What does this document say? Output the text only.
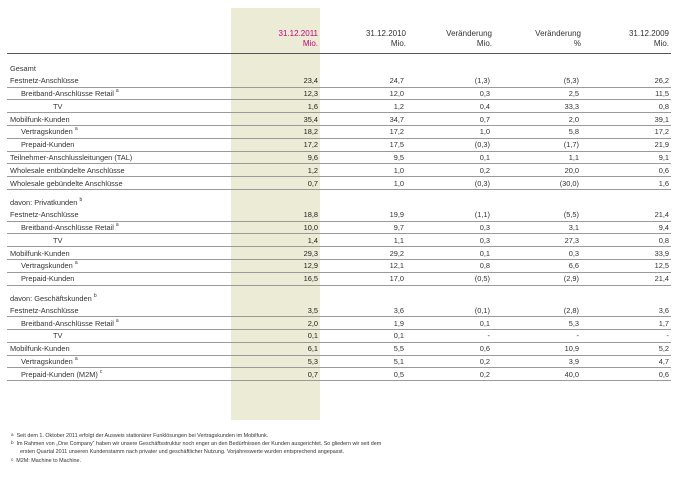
31.12.2011
Mio.
31.12.2010
Mio.
Veränderung
Mio.
Veränderung
%
31.12.2009
Mio.
Gesamt					
Festnetz-Anschlüsse	23,4	24,7	(1,3)	(5,3)	26,2
Breitband-Anschlüsse Retail $^a$	12,3	12,0	0,3	2,5	11,5
TV	1,6	1,2	0,4	33,3	0,8
Mobilfunk-Kunden	35,4	34,7	0,7	2,0	39,1
Vertragskunden $^a$	18,2	17,2	1,0	5,8	17,2
Prepaid-Kunden	17,2	17,5	(0,3)	(1,7)	21,9
Teilnehmer-Anschlussleitungen (TAL)	9,6	9,5	0,1	1,1	9,1
Wholesale entbündelte Anschlüsse	1,2	1,0	0,2	20,0	0,6
Wholesale gebündelte Anschlüsse	0,7	1,0	(0,3)	(30,0)	1,6

davon: Privatkunden $^b$
Festnetz-Anschlüsse	18,8	19,9	(1,1)	(5,5)	21,4
Breitband-Anschlüsse Retail $^a$	10,0	9,7	0,3	3,1	9,4
TV	1,4	1,1	0,3	27,3	0,8
Mobilfunk-Kunden	29,3	29,2	0,1	0,3	33,9
Vertragskunden $^a$	12,9	12,1	0,8	6,6	12,5
Prepaid-Kunden	16,5	17,0	(0,5)	(2,9)	21,4

davon: Geschäftskunden $^b$
Festnetz-Anschlüsse	3,5	3,6	(0,1)	(2,8)	3,6
Breitband-Anschlüsse Retail $^a$	2,0	1,9	0,1	5,3	1,7
TV	0,1	0,1	-	-	-
Mobilfunk-Kunden	6,1	5,5	0,6	10,9	5,2
Vertragskunden $^a$	5,3	5,1	0,2	3,9	4,7
Prepaid-Kunden (M2M) $^c$	0,7	0,5	0,2	40,0	0,6
$^a$ Seit dem 1. Oktober 2011 erfolgt der Ausweis stationärer Funklösungen bei Vertragskunden im Mobilfunk.
$^b$ Im Rahmen von „One Company“ haben wir unsere Geschäftsstruktur noch enger an den Bedürfnissen der Kunden ausgerichtet. So gliedern wir seit dem
ersten Quartal 2011 unseren Kundenstamm nach privater und geschäftlicher Nutzung. Vorjahreswerte wurden entsprechend angepasst.
$^c$ M2M: Machine to Machine.
